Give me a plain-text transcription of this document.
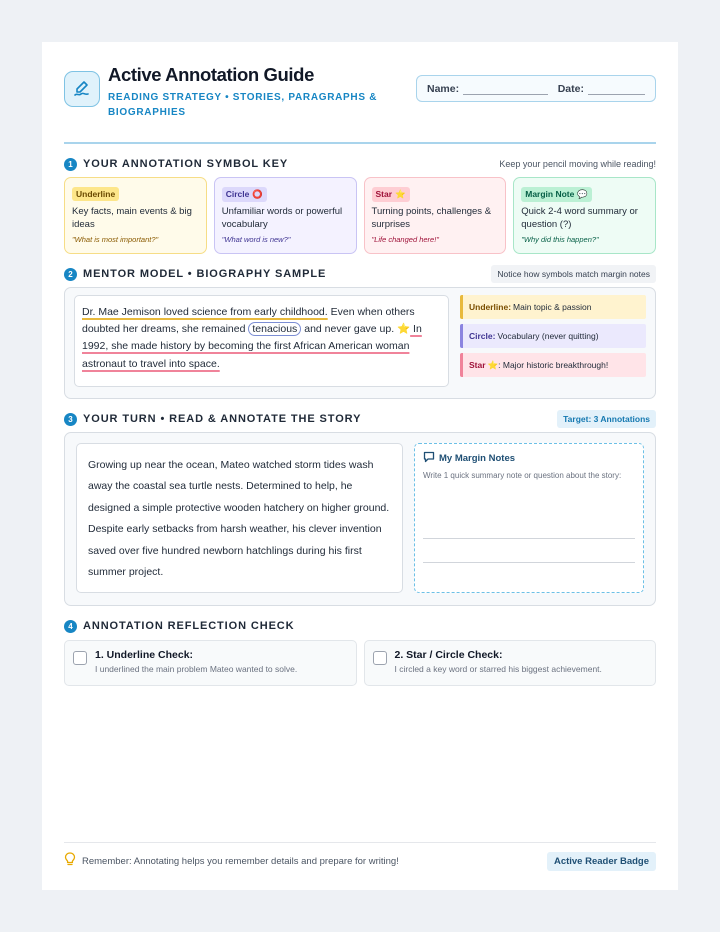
Active Annotation Guide
READING STRATEGY • STORIES, PARAGRAPHS & BIOGRAPHIES
Name:	Date:
1 YOUR ANNOTATION SYMBOL KEY	Keep your pencil moving while reading!
Underline
Key facts, main events & big ideas
"What is most important?"
Circle ⭕
Unfamiliar words or powerful vocabulary
"What word is new?"
Star ⭐
Turning points, challenges & surprises
"Life changed here!"
Margin Note 💬
Quick 2-4 word summary or question (?)
"Why did this happen?"
2 MENTOR MODEL • BIOGRAPHY SAMPLE	Notice how symbols match margin notes
Dr. Mae Jemison loved science from early childhood. Even when others doubted her dreams, she remained tenacious and never gave up. ⭐ In 1992, she made history by becoming the first African American woman astronaut to travel into space.
Underline: Main topic & passion
Circle: Vocabulary (never quitting)
Star ⭐ : Major historic breakthrough!
3 YOUR TURN • READ & ANNOTATE THE STORY	Target: 3 Annotations
Growing up near the ocean, Mateo watched storm tides wash away the coastal sea turtle nests. Determined to help, he designed a simple protective wooden hatchery on higher ground. Despite early setbacks from harsh weather, his clever invention saved over five hundred newborn hatchlings during his first summer project.
My Margin Notes
Write 1 quick summary note or question about the story:
4 ANNOTATION REFLECTION CHECK
1. Underline Check:
I underlined the main problem Mateo wanted to solve.
2. Star / Circle Check:
I circled a key word or starred his biggest achievement.
Remember: Annotating helps you remember details and prepare for writing!	Active Reader Badge
